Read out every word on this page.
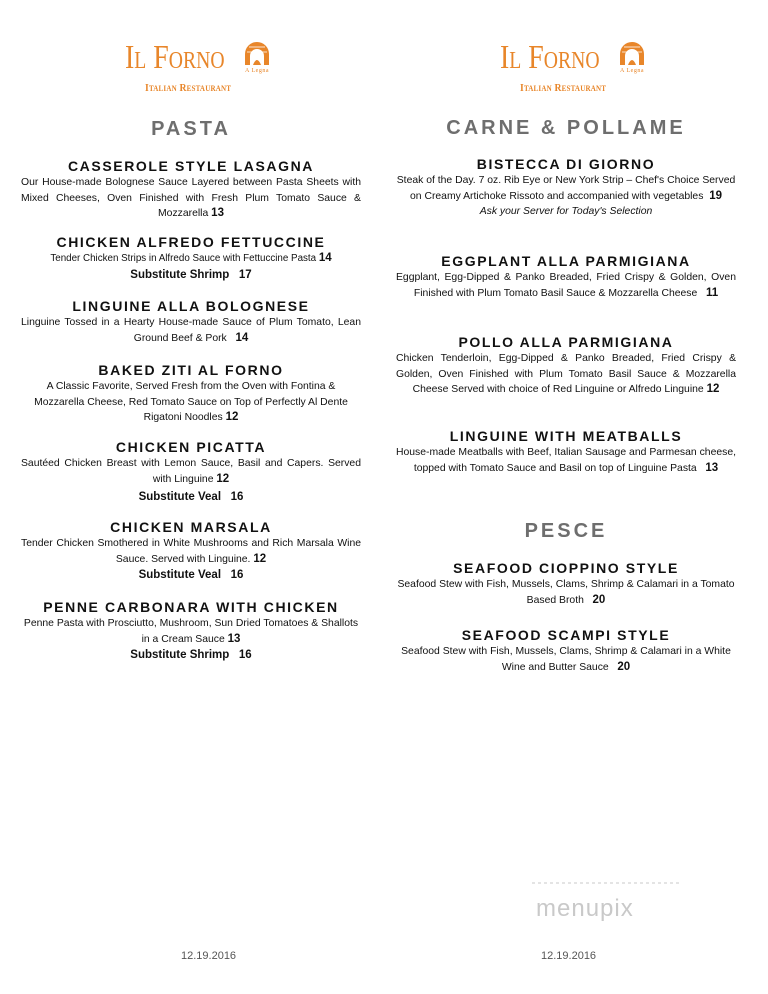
Il Forno	A Legna
Italian Restaurant
PASTA
CASSEROLE STYLE LASAGNA
Our House-made Bolognese Sauce Layered between Pasta Sheets with Mixed Cheeses, Oven Finished with Fresh Plum Tomato Sauce & Mozzarella 13
CHICKEN ALFREDO FETTUCCINE
Tender Chicken Strips in Alfredo Sauce with Fettuccine Pasta 14
Substitute Shrimp 17
LINGUINE ALLA BOLOGNESE
Linguine Tossed in a Hearty House-made Sauce of Plum Tomato, Lean Ground Beef & Pork 14
BAKED ZITI AL FORNO
A Classic Favorite, Served Fresh from the Oven with Fontina & Mozzarella Cheese, Red Tomato Sauce on Top of Perfectly Al Dente Rigatoni Noodles 12
CHICKEN PICATTA
Sautéed Chicken Breast with Lemon Sauce, Basil and Capers. Served with Linguine 12
Substitute Veal 16
CHICKEN MARSALA
Tender Chicken Smothered in White Mushrooms and Rich Marsala Wine Sauce. Served with Linguine. 12
Substitute Veal 16
PENNE CARBONARA WITH CHICKEN
Penne Pasta with Prosciutto, Mushroom, Sun Dried Tomatoes & Shallots in a Cream Sauce 13
Substitute Shrimp 16
Il Forno	A Legna
Italian Restaurant
CARNE & POLLAME
BISTECCA DI GIORNO
Steak of the Day. 7 oz. Rib Eye or New York Strip – Chef's Choice Served on Creamy Artichoke Rissoto and accompanied with vegetables 19
Ask your Server for Today's Selection
EGGPLANT ALLA PARMIGIANA
Eggplant, Egg-Dipped & Panko Breaded, Fried Crispy & Golden, Oven Finished with Plum Tomato Basil Sauce & Mozzarella Cheese 11
POLLO ALLA PARMIGIANA
Chicken Tenderloin, Egg-Dipped & Panko Breaded, Fried Crispy & Golden, Oven Finished with Plum Tomato Basil Sauce & Mozzarella Cheese Served with choice of Red Linguine or Alfredo Linguine 12
LINGUINE WITH MEATBALLS
House-made Meatballs with Beef, Italian Sausage and Parmesan cheese, topped with Tomato Sauce and Basil on top of Linguine Pasta 13
PESCE
SEAFOOD CIOPPINO STYLE
Seafood Stew with Fish, Mussels, Clams, Shrimp & Calamari in a Tomato Based Broth 20
SEAFOOD SCAMPI STYLE
Seafood Stew with Fish, Mussels, Clams, Shrimp & Calamari in a White Wine and Butter Sauce 20
menupix
12.19.2016	12.19.2016
